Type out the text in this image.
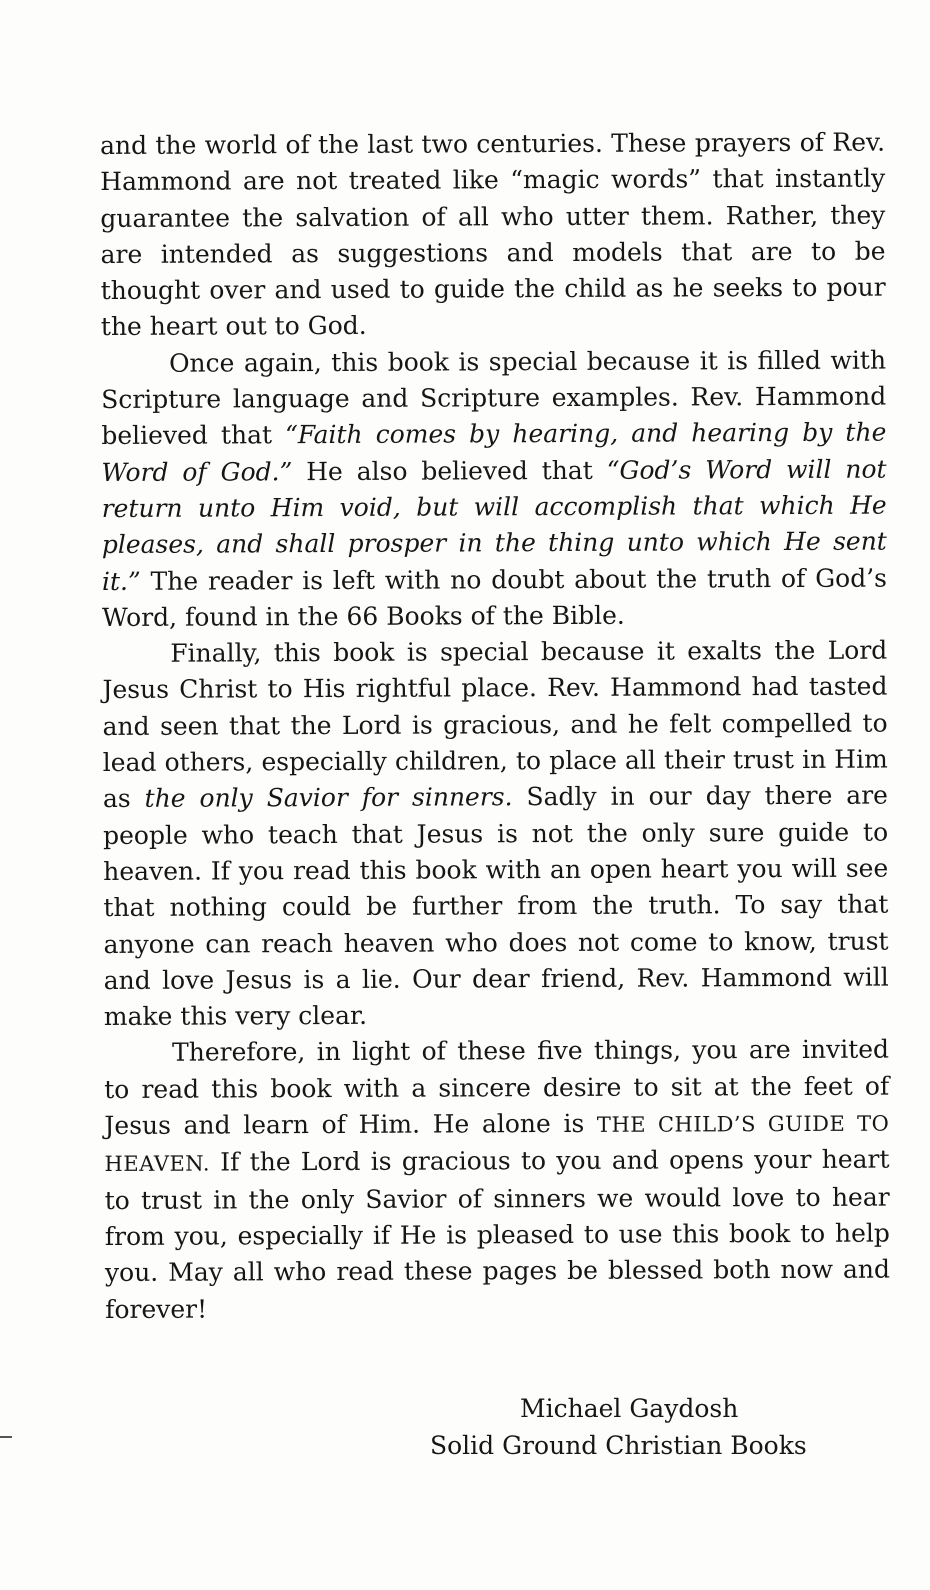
and the world of the last two centuries. These prayers of Rev. Hammond are not treated like “magic words” that instantly guarantee the salvation of all who utter them. Rather, they are intended as suggestions and models that are to be thought over and used to guide the child as he seeks to pour the heart out to God.

Once again, this book is special because it is filled with Scripture language and Scripture examples. Rev. Hammond believed that “Faith comes by hearing, and hearing by the Word of God.” He also believed that “God’s Word will not return unto Him void, but will accomplish that which He pleases, and shall prosper in the thing unto which He sent it.” The reader is left with no doubt about the truth of God’s Word, found in the 66 Books of the Bible.

Finally, this book is special because it exalts the Lord Jesus Christ to His rightful place. Rev. Hammond had tasted and seen that the Lord is gracious, and he felt compelled to lead others, especially children, to place all their trust in Him as the only Savior for sinners. Sadly in our day there are people who teach that Jesus is not the only sure guide to heaven. If you read this book with an open heart you will see that nothing could be further from the truth. To say that anyone can reach heaven who does not come to know, trust and love Jesus is a lie. Our dear friend, Rev. Hammond will make this very clear.

Therefore, in light of these five things, you are invited to read this book with a sincere desire to sit at the feet of Jesus and learn of Him. He alone is THE CHILD’S GUIDE TO HEAVEN. If the Lord is gracious to you and opens your heart to trust in the only Savior of sinners we would love to hear from you, especially if He is pleased to use this book to help you. May all who read these pages be blessed both now and forever!

Michael Gaydosh
Solid Ground Christian Books
